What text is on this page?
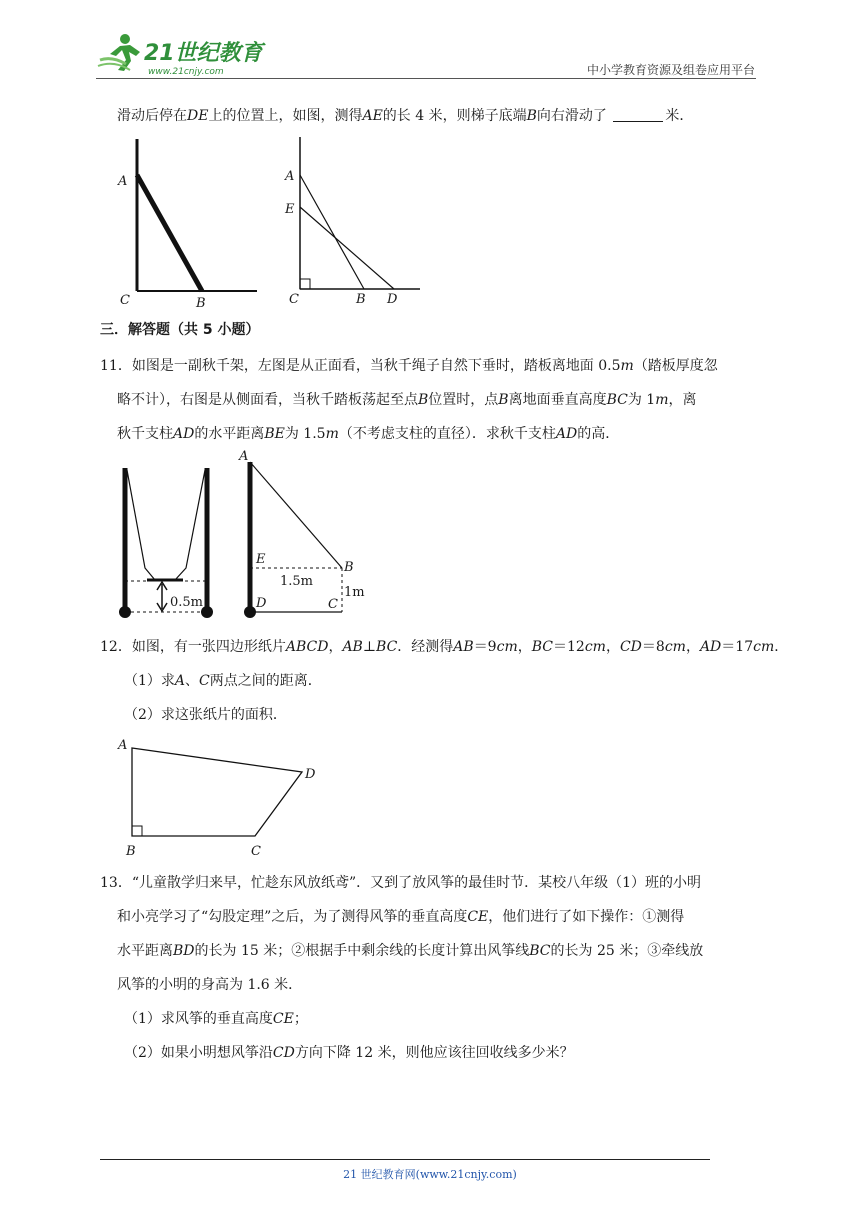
21世纪教育
www.21cnjy.com	中小学教育资源及组卷应用平台
滑动后停在DE上的位置上，如图，测得AE的长 4 米，则梯子底端B向右滑动了	米．
A
C	B
A
E
C	B D
三．解答题（共 5 小题）
11．如图是一副秋千架，左图是从正面看，当秋千绳子自然下垂时，踏板离地面 0.5m（踏板厚度忽
略不计），右图是从侧面看，当秋千踏板荡起至点B位置时，点B离地面垂直高度BC为 1m，离
秋千支柱AD的水平距离BE为 1.5m（不考虑支柱的直径）．求秋千支柱AD的高．
0.5m
A
E
B
D	C
1.5m
1m
12．如图，有一张四边形纸片ABCD，AB⊥BC．经测得AB＝9cm，BC＝12cm，CD＝8cm，AD＝17cm．
（1）求A、C两点之间的距离．
（2）求这张纸片的面积．
A
B	C
D
13．“儿童散学归来早，忙趁东风放纸鸢”．又到了放风筝的最佳时节．某校八年级（1）班的小明
和小亮学习了“勾股定理”之后，为了测得风筝的垂直高度CE，他们进行了如下操作：①测得
水平距离BD的长为 15 米；②根据手中剩余线的长度计算出风筝线BC的长为 25 米；③牵线放
风筝的小明的身高为 1.6 米．
（1）求风筝的垂直高度CE；
（2）如果小明想风筝沿CD方向下降 12 米，则他应该往回收线多少米？
21 世纪教育网(www.21cnjy.com)
